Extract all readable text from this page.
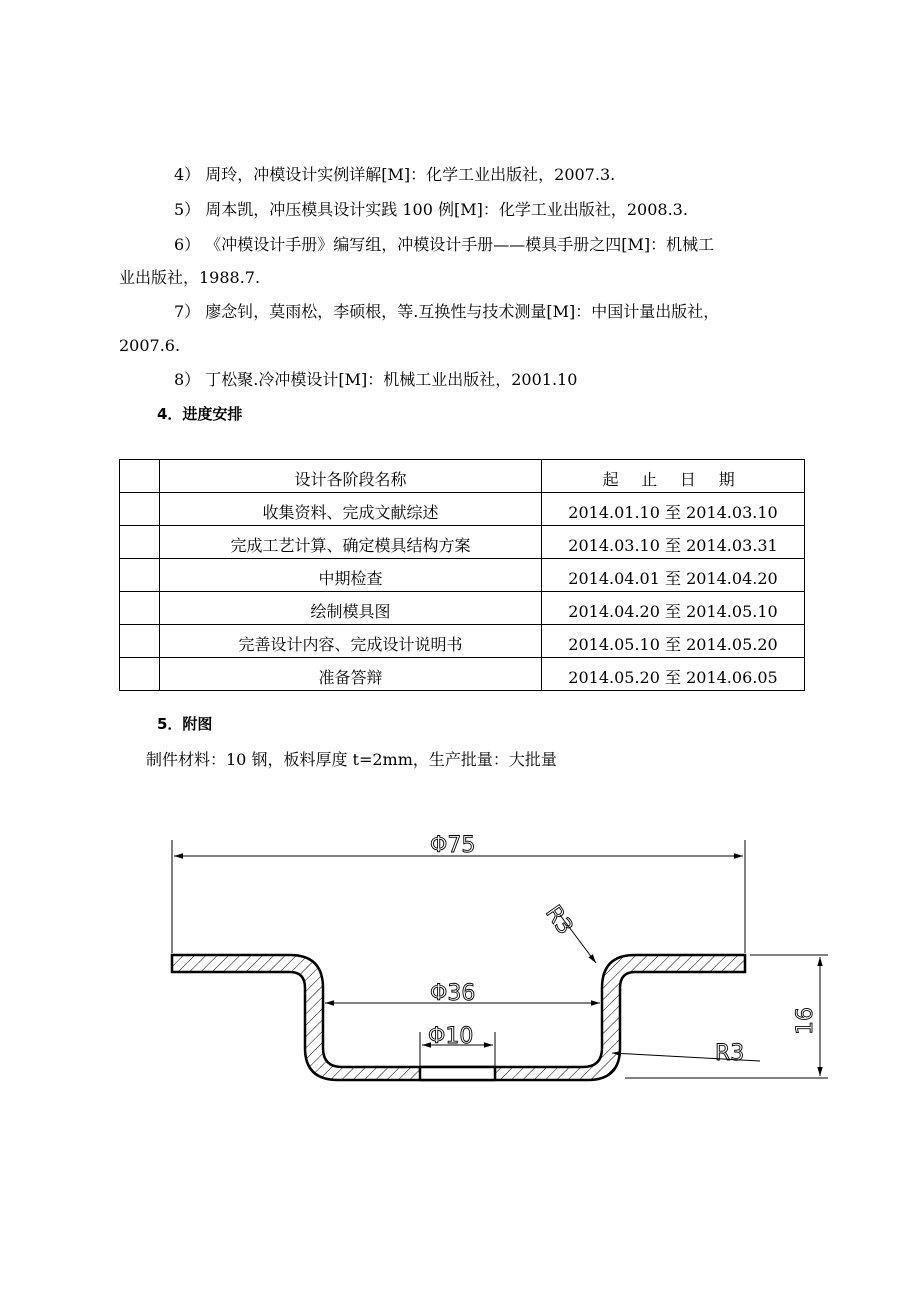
4） 周玲，冲模设计实例详解[M]：化学工业出版社，2007.3.
5） 周本凯，冲压模具设计实践 100 例[M]：化学工业出版社，2008.3.
6） 《冲模设计手册》编写组，冲模设计手册——模具手册之四[M]：机械工
业出版社，1988.7.
7） 廖念钊，莫雨松，李硕根，等.互换性与技术测量[M]：中国计量出版社，
2007.6.
8） 丁松聚.冷冲模设计[M]：机械工业出版社，2001.10
4．进度安排
	设计各阶段名称	起 止 日 期
	收集资料、完成文献综述	2014.01.10 至 2014.03.10
	完成工艺计算、确定模具结构方案	2014.03.10 至 2014.03.31
	中期检查	2014.04.01 至 2014.04.20
	绘制模具图	2014.04.20 至 2014.05.10
	完善设计内容、完成设计说明书	2014.05.10 至 2014.05.20
	准备答辩	2014.05.20 至 2014.06.05
5．附图
制件材料：10 钢，板料厚度 t=2mm，生产批量：大批量
Φ75
Φ36
Φ10
16
R3
R3
